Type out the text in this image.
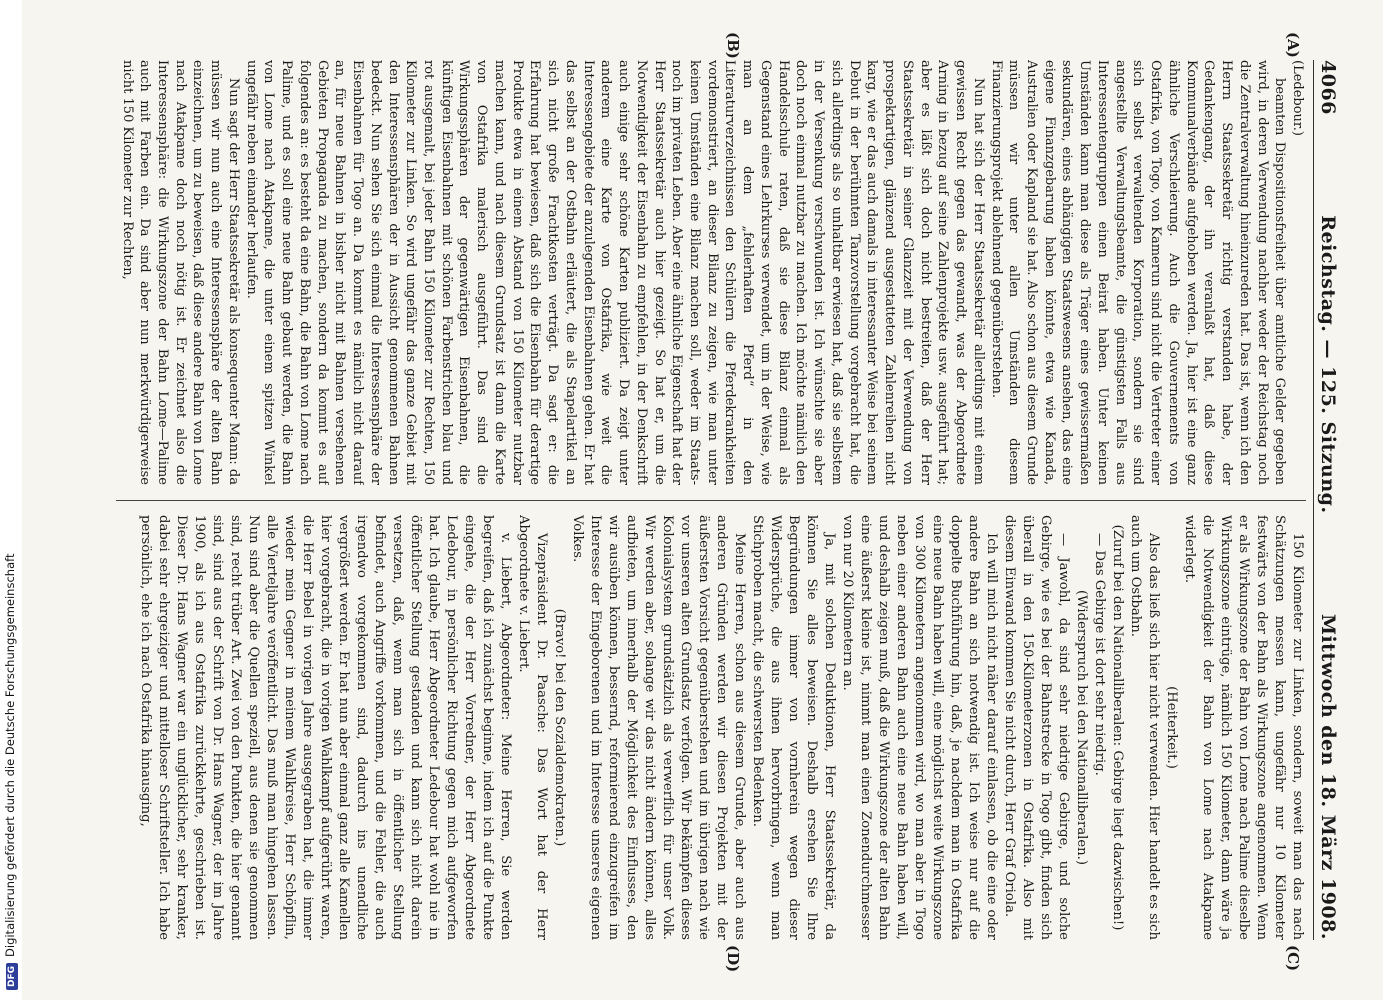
DFGDigitalisierung gefördert durch die Deutsche Forschungsgemeinschaft
4066
Reichstag. — 125. Sitzung.
Mittwoch den 18. März 1908.

(Ledebour.)

beamten Dispositionsfreiheit über amtliche Gelder gegeben wird, in deren Verwendung nachher weder der Reichstag noch die Zentralverwaltung hineinzureden hat. Das ist, wenn ich den Herrn Staatssekretär richtig verstanden habe, der Gedankengang, der ihn veranlaßt hat, daß diese Kommunalverbände aufgehoben werden. Ja, hier ist eine ganz ähnliche Verschleierung. Auch die Gouvernements von Ostafrika, von Togo, von Kamerun sind nicht die Vertreter einer sich selbst verwaltenden Korporation, sondern sie sind angestellte Verwaltungsbeamte, die günstigsten Falls aus Interessentengruppen einen Beirat haben. Unter keinen Umständen kann man diese als Träger eines gewissermaßen sekundären, eines abhängigen Staatswesens ansehen, das eine eigene Finanzgebarung haben könnte, etwa wie Kanada, Australien oder Kapland sie hat. Also schon aus diesem Grunde müssen wir unter allen Umständen diesem Finanzierungsprojekt ablehnend gegenüberstehen.

Nun hat sich der Herr Staatssekretär allerdings mit einem gewissen Recht gegen das gewandt, was der Abgeordnete Arning in bezug auf seine Zahlenprojekte usw. ausgeführt hat; aber es läßt sich doch nicht bestreiten, daß der Herr Staatssekretär in seiner Glanzzeit mit der Verwendung von prospektartigen, glänzend ausgestatteten Zahlenreihen nicht karg, wie er das auch damals in interessanter Weise bei seinem Debut in der berühmten Tanzvorstellung vorgebracht hat, die sich allerdings als so unhaltbar erwiesen hat, daß sie selbstem in der Versenkung verschwunden ist. Ich wünschte sie aber doch noch einmal nutzbar zu machen. Ich möchte nämlich den Handelsschule raten, daß sie diese Bilanz einmal als Gegenstand eines Lehrkurses verwendet, um in der Weise, wie man an dem „fehlerhaften Pferd“ in den Literaturverzeichnissen den Schülern die Pferdekrankheiten vordemonstriert, an dieser Bilanz zu zeigen, wie man unter keinen Umständen eine Bilanz machen soll, weder im Staats- noch im privaten Leben. Aber eine ähnliche Eigenschaft hat der Herr Staatssekretär auch hier gezeigt. So hat er, um die Notwendigkeit der Eisenbahn zu empfehlen, in der Denkschrift auch einige sehr schöne Karten publiziert. Da zeigt unter anderem eine Karte von Ostafrika, wie weit die Interessengebiete der anzulegenden Eisenbahnen gehen. Er hat das selbst an der Ostbahn erläutert, die als Stapelartikel an sich nicht große Frachtkosten verträgt. Da sagt er: die Erfahrung hat bewiesen, daß sich die Eisenbahn für derartige Produkte etwa in einem Abstand von 150 Kilometer nutzbar machen kann, und nach diesem Grundsatz ist dann die Karte von Ostafrika malerisch ausgeführt. Das sind die Wirkungssphären der gegenwärtigen Eisenbahnen, die künftigen Eisenbahnen mit schönen Farbenstrichen blau und rot ausgemalt, bei jeder Bahn 150 Kilometer zur Rechten, 150 Kilometer zur Linken. So wird ungefähr das ganze Gebiet mit den Interessensphären der in Aussicht genommenen Bahnen bedeckt. Nun sehen Sie sich einmal die Interessensphäre der Eisenbahnen für Togo an. Da kommt es nämlich nicht darauf an, für neue Bahnen in bisher nicht mit Bahnen versehenen Gebieten Propaganda zu machen, sondern da kommt es auf folgendes an: es besteht da eine Bahn, die Bahn von Lome nach Palime, und es soll eine neue Bahn gebaut werden, die Bahn von Lome nach Atakpame, die unter einem spitzen Winkel ungefähr neben einander herlaufen.

Nun sagt der Herr Staatssekretär als konsequenter Mann: da müssen wir nun auch eine Interessensphäre der alten Bahn einzeichnen, um zu beweisen, daß diese andere Bahn von Lome nach Atakpame doch noch nötig ist. Er zeichnet also die Interessensphäre: die Wirkungszone der Bahn Lome—Palime auch mit Farben ein. Da sind aber nun merkwürdigerweise nicht 150 Kilometer zur Rechten,

150 Kilometer zur Linken, sondern, soweit man das nach Schätzungen messen kann, ungefähr nur 10 Kilometer festwärts von der Bahn als Wirkungszone angenommen. Wenn er als Wirkungszone der Bahn von Lome nach Palime dieselbe Wirkungszone eintrüge, nämlich 150 Kilometer, dann wäre ja die Notwendigkeit der Bahn von Lome nach Atakpame widerlegt.

(Heiterkeit.)

Also das ließ sich hier nicht verwenden. Hier handelt es sich auch um Ostbahn.

(Zuruf bei den Nationalliberalen: Gebirge liegt dazwischen!)

— Das Gebirge ist dort sehr niedrig.

(Widerspruch bei den Nationalliberalen.)

— Jawohl, da sind sehr niedrige Gebirge, und solche Gebirge, wie es bei der Bahnstrecke in Togo gibt, finden sich überall in den 150-Kilometerzonen in Ostafrika. Also mit diesem Einwand kommen Sie nicht durch, Herr Graf Oriola.

Ich will mich nicht näher darauf einlassen, ob die eine oder andere Bahn an sich notwendig ist. Ich weise nur auf die doppelte Buchführung hin, daß, je nachdem man in Ostafrika eine neue Bahn haben will, eine möglichst weite Wirkungszone von 300 Kilometern angenommen wird, wo man aber in Togo neben einer anderen Bahn auch eine neue Bahn haben will, und deshalb zeigen muß, daß die Wirkungszone der alten Bahn eine äußerst kleine ist, nimmt man einen Zonendurchmesser von nur 20 Kilometern an.

Ja, mit solchen Deduktionen, Herr Staatssekretär, da können Sie alles beweisen. Deshalb ersehen Sie Ihre Begründungen immer von vornherein wegen dieser Widersprüche, die aus ihnen hervorbringen, wenn man Stichproben macht, die schwersten Bedenken.

Meine Herren, schon aus diesem Grunde, aber auch aus anderen Gründen werden wir diesen Projekten mit der äußersten Vorsicht gegenüberstehen und im übrigen nach wie vor unseren alten Grundsatz verfolgen. Wir bekämpfen dieses Kolonialsystem grundsätzlich als verwerflich für unser Volk. Wir werden aber, solange wir das nicht ändern können, alles aufbieten, um innerhalb der Möglichkeit des Einflusses, den wir ausüben können, bessernd, reformierend einzugreifen im Interesse der Eingeborenen und im Interesse unseres eigenen Volkes.

(Bravo! bei den Sozialdemokraten.)

Vizepräsident Dr. Paasche: Das Wort hat der Herr Abgeordnete v. Liebert.

v. Liebert, Abgeordneter: Meine Herren, Sie werden begreifen, daß ich zunächst beginne, indem ich auf die Punkte eingehe, die der Herr Vorredner, der Herr Abgeordnete Ledebour, in persönlicher Richtung gegen mich aufgeworfen hat. Ich glaube, Herr Abgeordneter Ledebour hat wohl nie in öffentlicher Stellung gestanden und kann sich nicht darein versetzen, daß, wenn man sich in öffentlicher Stellung befindet, auch Angriffe vorkommen, und die Fehler, die auch irgendwo vorgekommen sind, dadurch ins unendliche vergrößert werden. Er hat nun aber einmal ganz alle Kamellen hier vorgebracht, die in vorigen Wahlkampf aufgerührt waren, die Herr Bebel in vorigen Jahre ausgegraben hat, die immer wieder mein Gegner in meinem Wahlkreise, Herr Schöpflin, alle Vierteljahre veröffentlicht. Das muß man hingehen lassen. Nun sind aber die Quellen speziell, aus denen sie genommen sind, recht trüber Art. Zwei von den Punkten, die hier genannt sind, sind aus der Schrift von Dr. Hans Wagner, der im Jahre 1900, als ich aus Ostafrika zurückkehrte, geschrieben ist. Dieser Dr. Hans Wagner war ein unglücklicher, sehr kranker, dabei sehr ehrgeiziger und mittelloser Schriftsteller. Ich habe persönlich, ehe ich nach Ostafrika hinausging,

(A)
(B)
(C)
(D)
